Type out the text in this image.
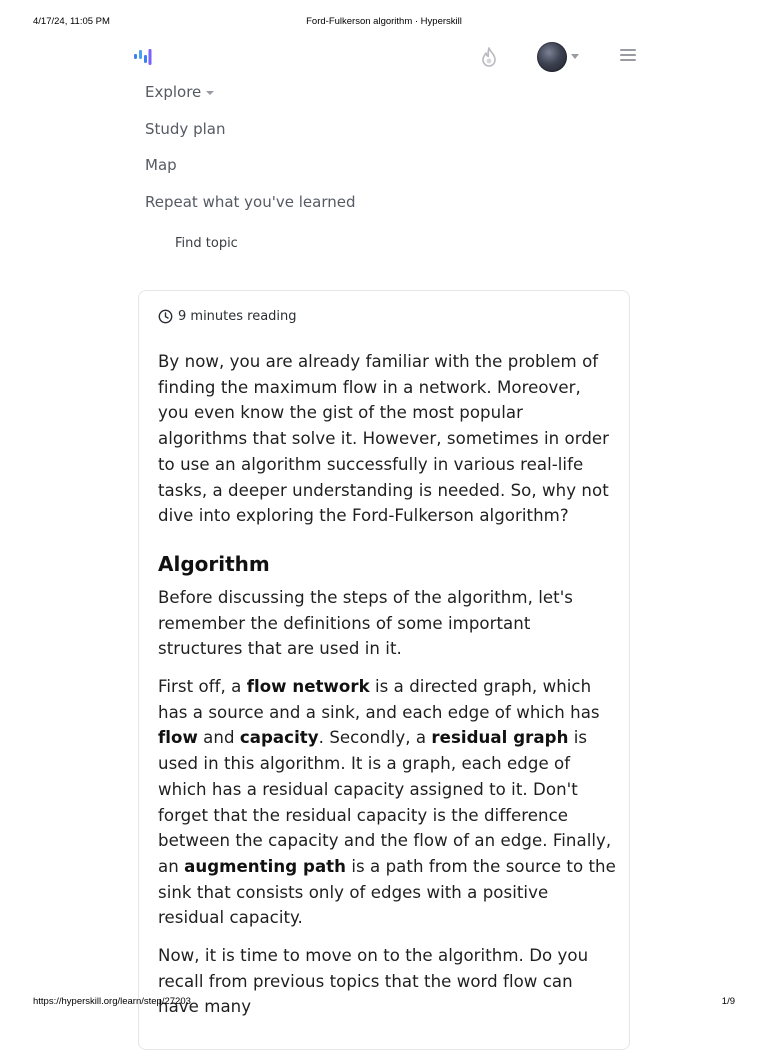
4/17/24, 11:05 PM	Ford-Fulkerson algorithm · Hyperskill
Explore
Study plan
Map
Repeat what you've learned
Find topic
9 minutes reading

By now, you are already familiar with the problem of finding the maximum flow in a network. Moreover, you even know the gist of the most popular algorithms that solve it. However, sometimes in order to use an algorithm successfully in various real-life tasks, a deeper understanding is needed. So, why not dive into exploring the Ford-Fulkerson algorithm?

Algorithm

Before discussing the steps of the algorithm, let's remember the definitions of some important structures that are used in it.

First off, a flow network is a directed graph, which has a source and a sink, and each edge of which has flow and capacity. Secondly, a residual graph is used in this algorithm. It is a graph, each edge of which has a residual capacity assigned to it. Don't forget that the residual capacity is the difference between the capacity and the flow of an edge. Finally, an augmenting path is a path from the source to the sink that consists only of edges with a positive residual capacity.

Now, it is time to move on to the algorithm. Do you recall from previous topics that the word flow can have many

https://hyperskill.org/learn/step/27203	1/9
